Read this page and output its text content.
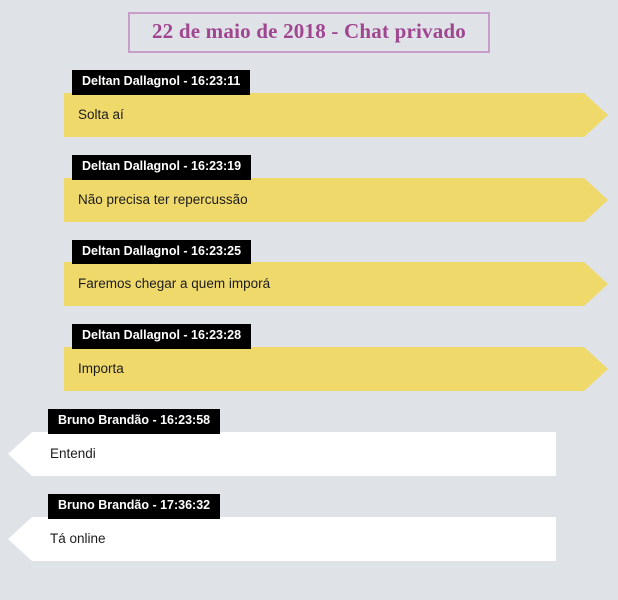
22 de maio de 2018 - Chat privado
Deltan Dallagnol - 16:23:11
Solta aí
Deltan Dallagnol - 16:23:19
Não precisa ter repercussão
Deltan Dallagnol - 16:23:25
Faremos chegar a quem imporá
Deltan Dallagnol - 16:23:28
Importa
Bruno Brandão - 16:23:58
Entendi
Bruno Brandão - 17:36:32
Tá online
